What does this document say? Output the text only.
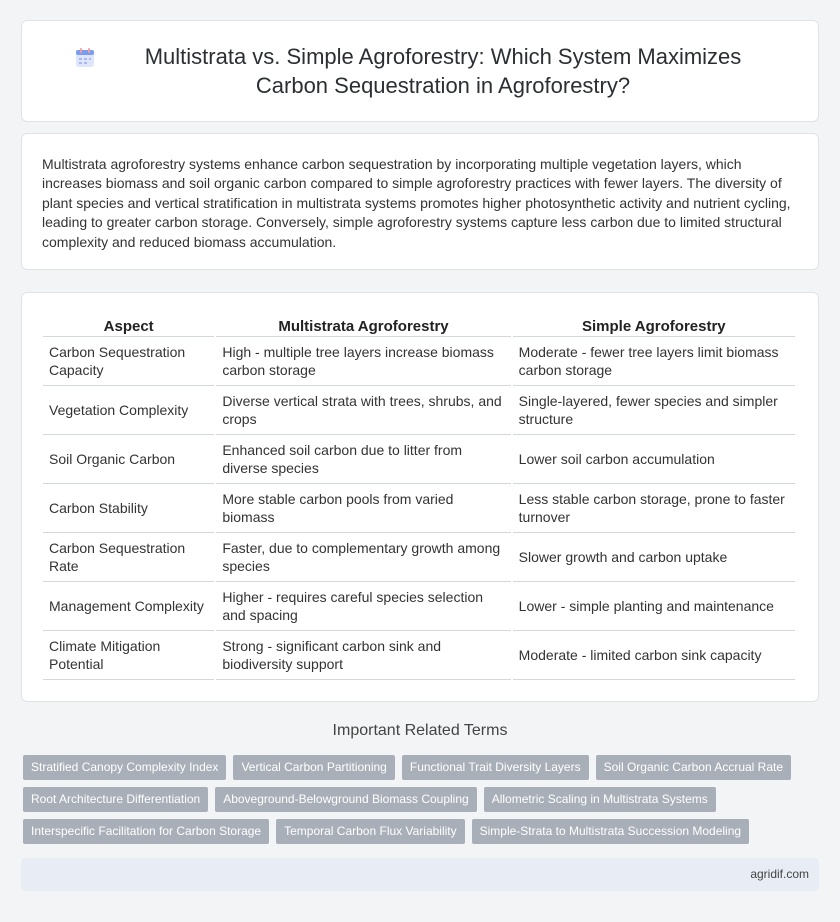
Multistrata vs. Simple Agroforestry: Which System Maximizes Carbon Sequestration in Agroforestry?

Multistrata agroforestry systems enhance carbon sequestration by incorporating multiple vegetation layers, which increases biomass and soil organic carbon compared to simple agroforestry practices with fewer layers. The diversity of plant species and vertical stratification in multistrata systems promotes higher photosynthetic activity and nutrient cycling, leading to greater carbon storage. Conversely, simple agroforestry systems capture less carbon due to limited structural complexity and reduced biomass accumulation.

Aspect	Multistrata Agroforestry	Simple Agroforestry
Carbon Sequestration Capacity	High - multiple tree layers increase biomass carbon storage	Moderate - fewer tree layers limit biomass carbon storage
Vegetation Complexity	Diverse vertical strata with trees, shrubs, and crops	Single-layered, fewer species and simpler structure
Soil Organic Carbon	Enhanced soil carbon due to litter from diverse species	Lower soil carbon accumulation
Carbon Stability	More stable carbon pools from varied biomass	Less stable carbon storage, prone to faster turnover
Carbon Sequestration Rate	Faster, due to complementary growth among species	Slower growth and carbon uptake
Management Complexity	Higher - requires careful species selection and spacing	Lower - simple planting and maintenance
Climate Mitigation Potential	Strong - significant carbon sink and biodiversity support	Moderate - limited carbon sink capacity
Important Related Terms
Stratified Canopy Complexity Index	Vertical Carbon Partitioning	Functional Trait Diversity Layers	Soil Organic Carbon Accrual Rate
Root Architecture Differentiation	Aboveground-Belowground Biomass Coupling	Allometric Scaling in Multistrata Systems
Interspecific Facilitation for Carbon Storage	Temporal Carbon Flux Variability	Simple-Strata to Multistrata Succession Modeling
agridif.com
